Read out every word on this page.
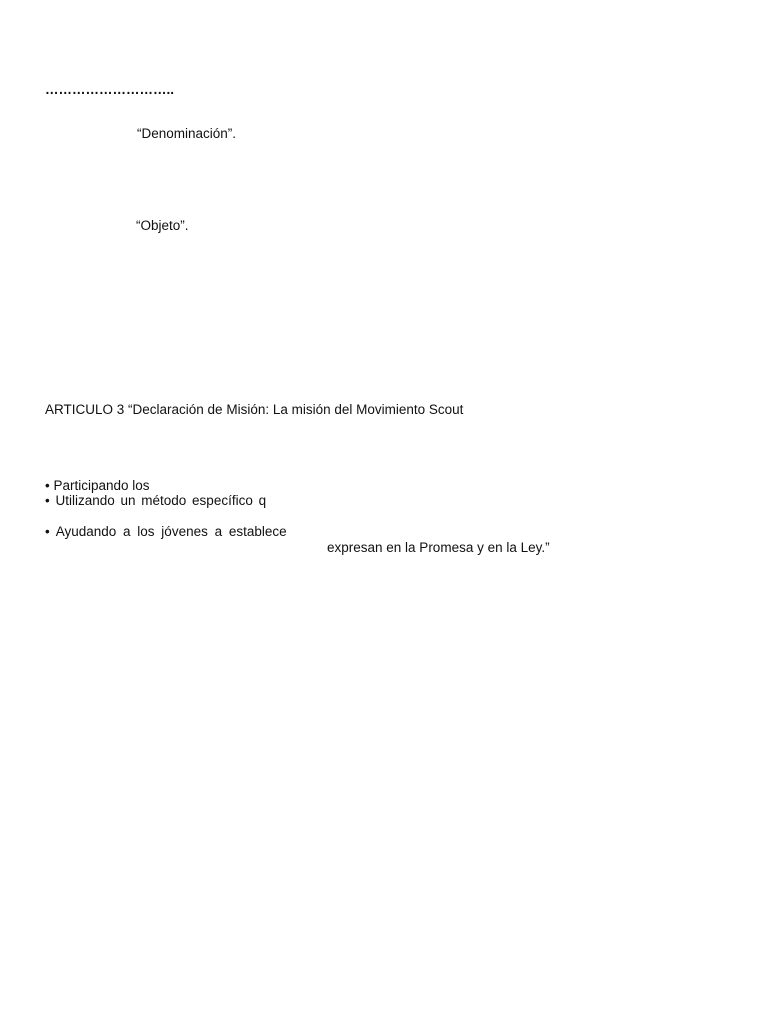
………………………..
“Denominación”.
“Objeto”.
ARTICULO 3 “Declaración de Misión: La misión del Movimiento Scout
• Participando los
• Utilizando un método específico q
• Ayudando a los jóvenes a establece
expresan en la Promesa y en la Ley.”
